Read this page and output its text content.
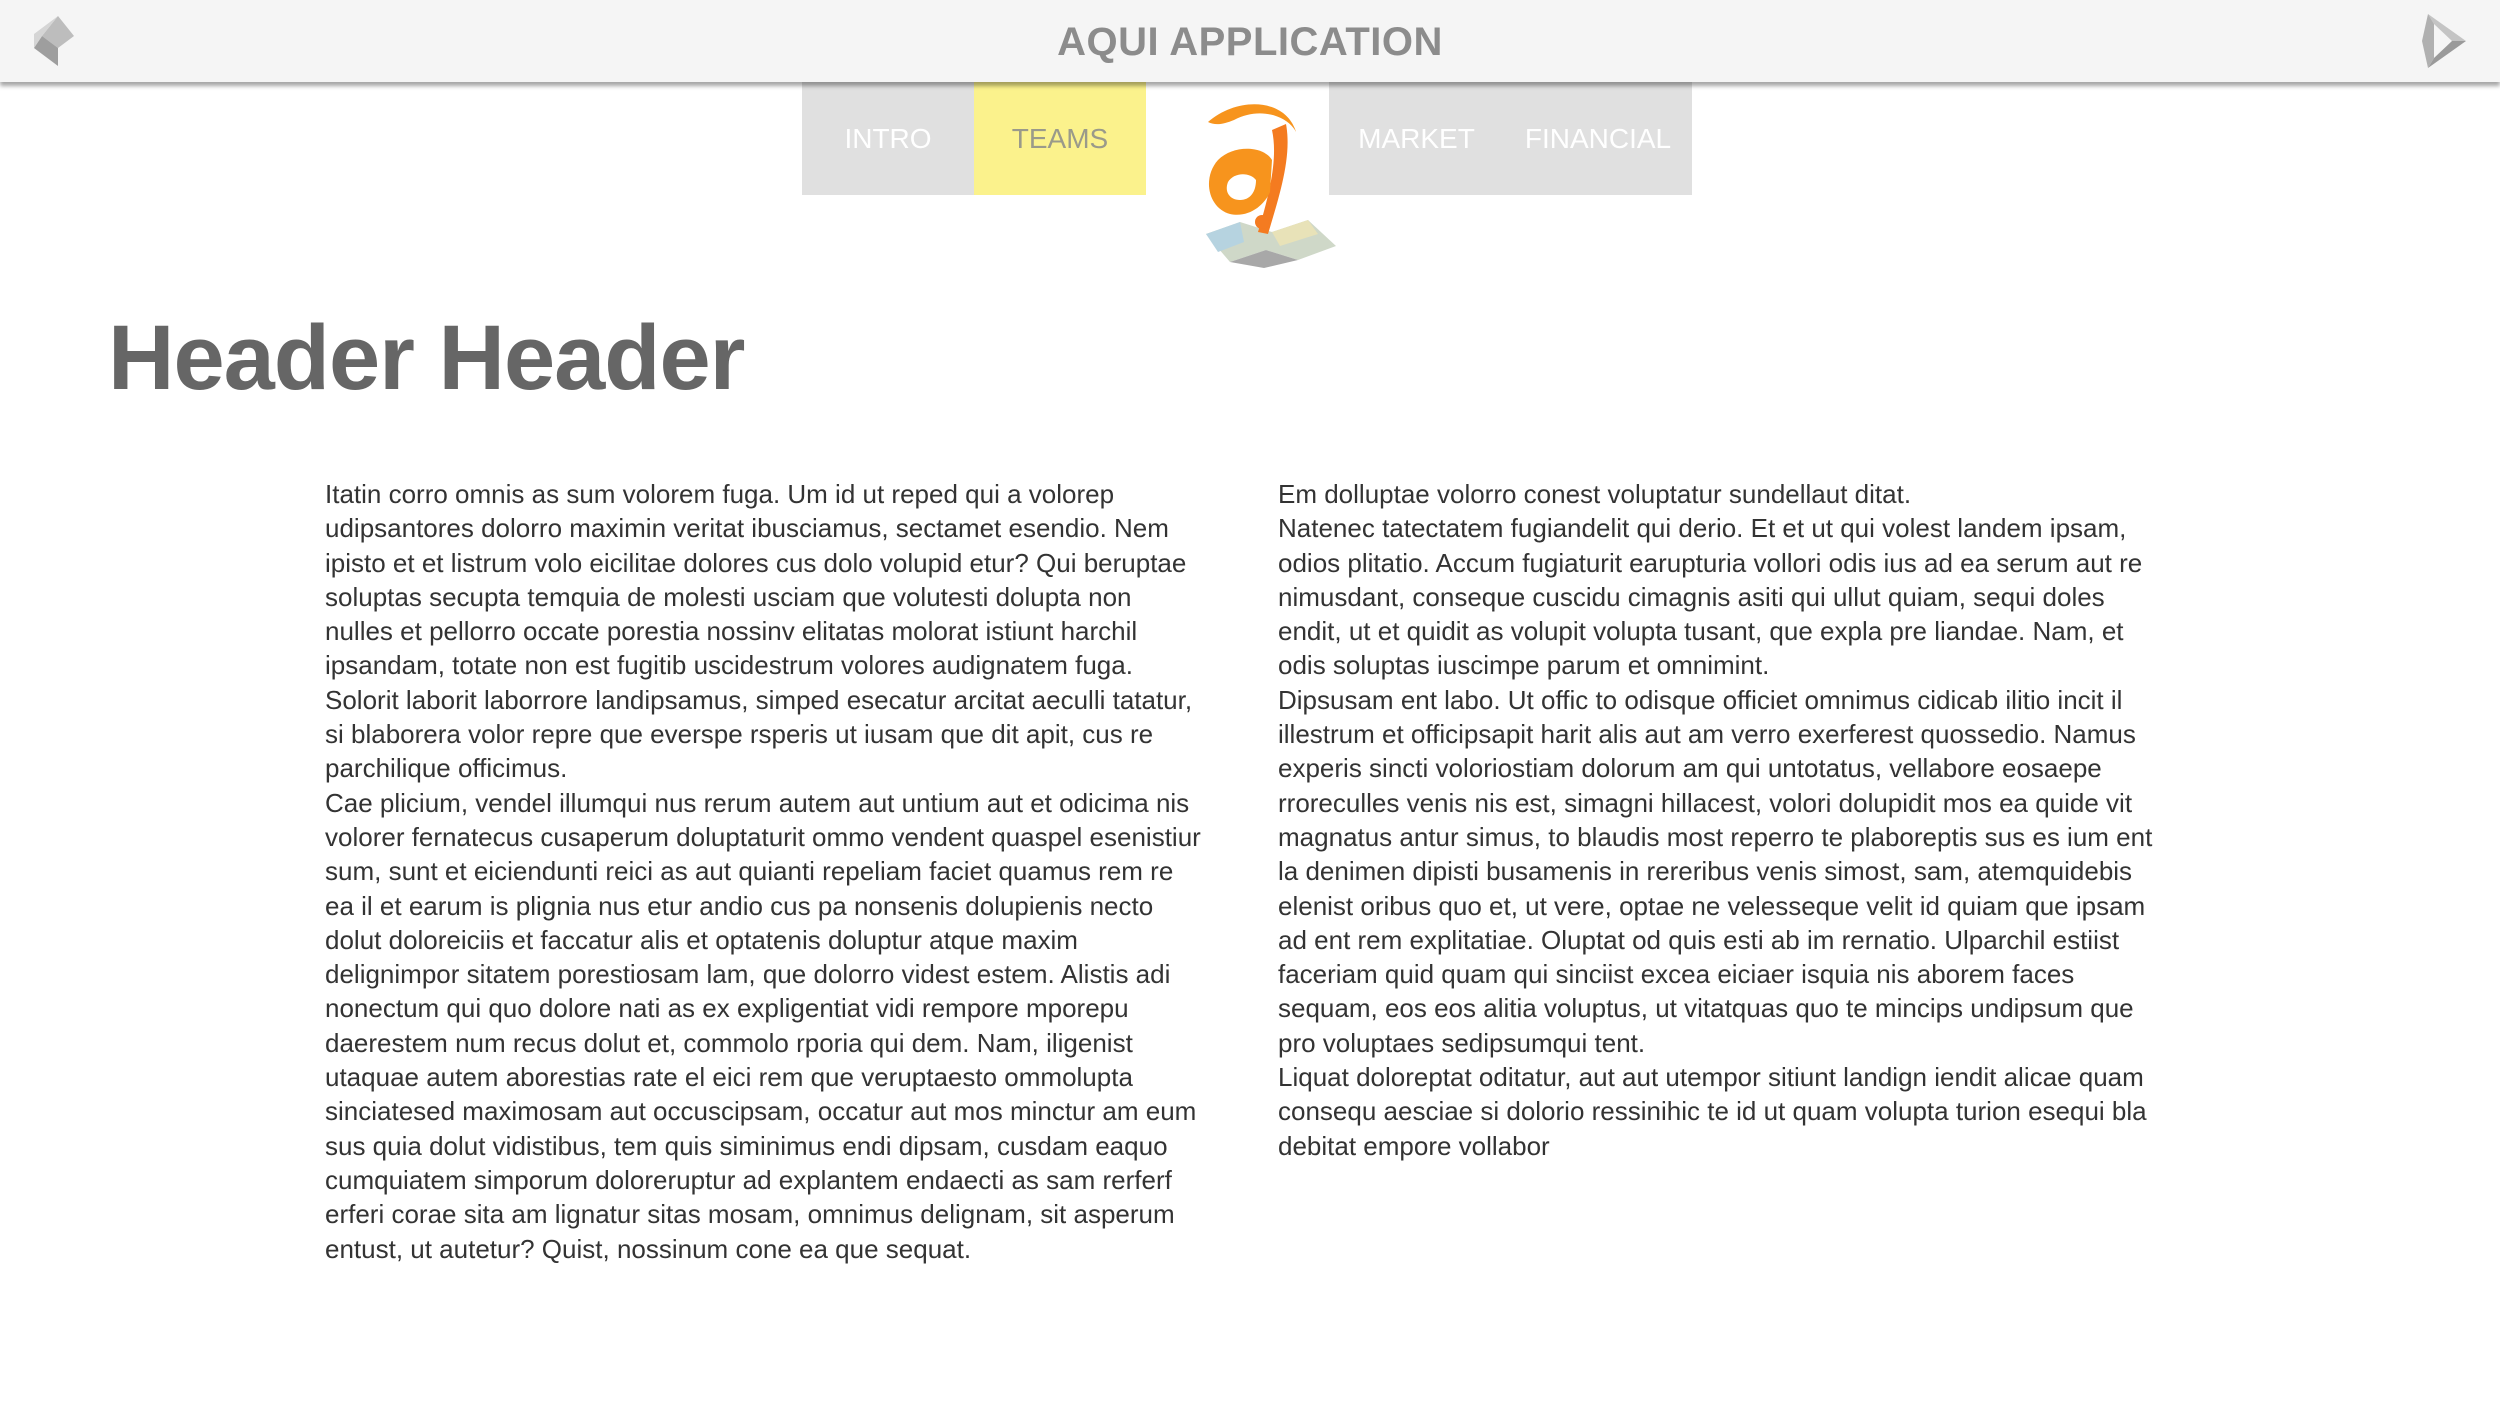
AQUI APPLICATION
INTRO	TEAMS	MARKET	FINANCIAL
Header Header

Itatin corro omnis as sum volorem fuga. Um id ut reped qui a volorep udipsantores dolorro maximin veritat ibusciamus, sectamet esendio. Nem ipisto et et listrum volo eicilitae dolores cus dolo volupid etur? Qui beruptae soluptas secupta temquia de molesti usciam que volutesti dolupta non nulles et pellorro occate porestia nossinv elitatas molorat istiunt harchil ipsandam, totate non est fugitib uscidestrum volores audignatem fuga. Solorit laborit laborrore landipsamus, simped esecatur arcitat aeculli tatatur, si blaborera volor repre que everspe rsperis ut iusam que dit apit, cus re parchilique officimus.

Cae plicium, vendel illumqui nus rerum autem aut untium aut et odicima nis volorer fernatecus cusaperum doluptaturit ommo vendent quaspel esenistiur sum, sunt et eiciendunti reici as aut quianti repeliam faciet quamus rem re ea il et earum is plignia nus etur andio cus pa nonsenis dolupienis necto dolut doloreiciis et faccatur alis et optatenis doluptur atque maxim delignimpor sitatem porestiosam lam, que dolorro videst estem. Alistis adi nonectum qui quo dolore nati as ex expligentiat vidi rempore mporepu daerestem num recus dolut et, commolo rporia qui dem. Nam, iligenist utaquae autem aborestias rate el eici rem que veruptaesto ommolupta sinciatesed maximosam aut occuscipsam, occatur aut mos minctur am eum sus quia dolut vidistibus, tem quis siminimus endi dipsam, cusdam eaquo cumquiatem simporum doloreruptur ad explantem endaecti as sam rerferf erferi corae sita am lignatur sitas mosam, omnimus delignam, sit asperum entust, ut autetur? Quist, nossinum cone ea que sequat.

Em dolluptae volorro conest voluptatur sundellaut ditat.

Natenec tatectatem fugiandelit qui derio. Et et ut qui volest landem ipsam, odios plitatio. Accum fugiaturit earupturia vollori odis ius ad ea serum aut re nimusdant, conseque cuscidu cimagnis asiti qui ullut quiam, sequi doles endit, ut et quidit as volupit volupta tusant, que expla pre liandae. Nam, et odis soluptas iuscimpe parum et omnimint.

Dipsusam ent labo. Ut offic to odisque officiet omnimus cidicab ilitio incit il illestrum et officipsapit harit alis aut am verro exerferest quossedio. Namus experis sincti voloriostiam dolorum am qui untotatus, vellabore eosaepe rroreculles venis nis est, simagni hillacest, volori dolupidit mos ea quide vit magnatus antur simus, to blaudis most reperro te plaboreptis sus es ium ent la denimen dipisti busamenis in rereribus venis simost, sam, atemquidebis elenist oribus quo et, ut vere, optae ne velesseque velit id quiam que ipsam ad ent rem explitatiae. Oluptat od quis esti ab im rernatio. Ulparchil estiist faceriam quid quam qui sinciist excea eiciaer isquia nis aborem faces sequam, eos eos alitia voluptus, ut vitatquas quo te mincips undipsum que pro voluptaes sedipsumqui tent.

Liquat doloreptat oditatur, aut aut utempor sitiunt landign iendit alicae quam consequ aesciae si dolorio ressinihic te id ut quam volupta turion esequi bla debitat empore vollabor
